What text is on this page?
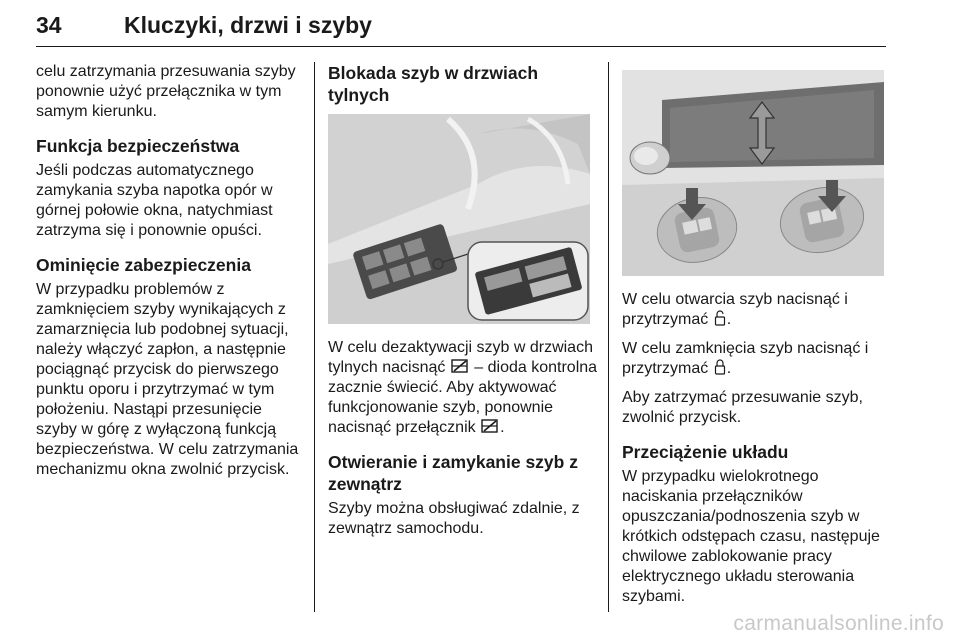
34	Kluczyki, drzwi i szyby

celu zatrzymania przesuwania szyby ponownie użyć przełącznika w tym samym kierunku.

Funkcja bezpieczeństwa

Jeśli podczas automatycznego zamykania szyba napotka opór w górnej połowie okna, natychmiast zatrzyma się i ponownie opuści.

Ominięcie zabezpieczenia

W przypadku problemów z zamknięciem szyby wynikających z zamarznięcia lub podobnej sytuacji, należy włączyć zapłon, a następnie pociągnąć przycisk do pierwszego punktu oporu i przytrzymać w tym położeniu. Nastąpi przesunięcie szyby w górę z wyłączoną funkcją bezpieczeństwa. W celu zatrzymania mechanizmu okna zwolnić przycisk.

Blokada szyb w drzwiach tylnych

W celu dezaktywacji szyb w drzwiach tylnych nacisnąć – dioda kontrolna zacznie świecić. Aby aktywować funkcjonowanie szyb, ponownie nacisnąć przełącznik .

Otwieranie i zamykanie szyb z zewnątrz

Szyby można obsługiwać zdalnie, z zewnątrz samochodu.

W celu otwarcia szyb nacisnąć i przytrzymać .

W celu zamknięcia szyb nacisnąć i przytrzymać .

Aby zatrzymać przesuwanie szyb, zwolnić przycisk.

Przeciążenie układu

W przypadku wielokrotnego naciskania przełączników opuszczania/podnoszenia szyb w krótkich odstępach czasu, następuje chwilowe zablokowanie pracy elektrycznego układu sterowania szybami.

carmanualsonline.info
